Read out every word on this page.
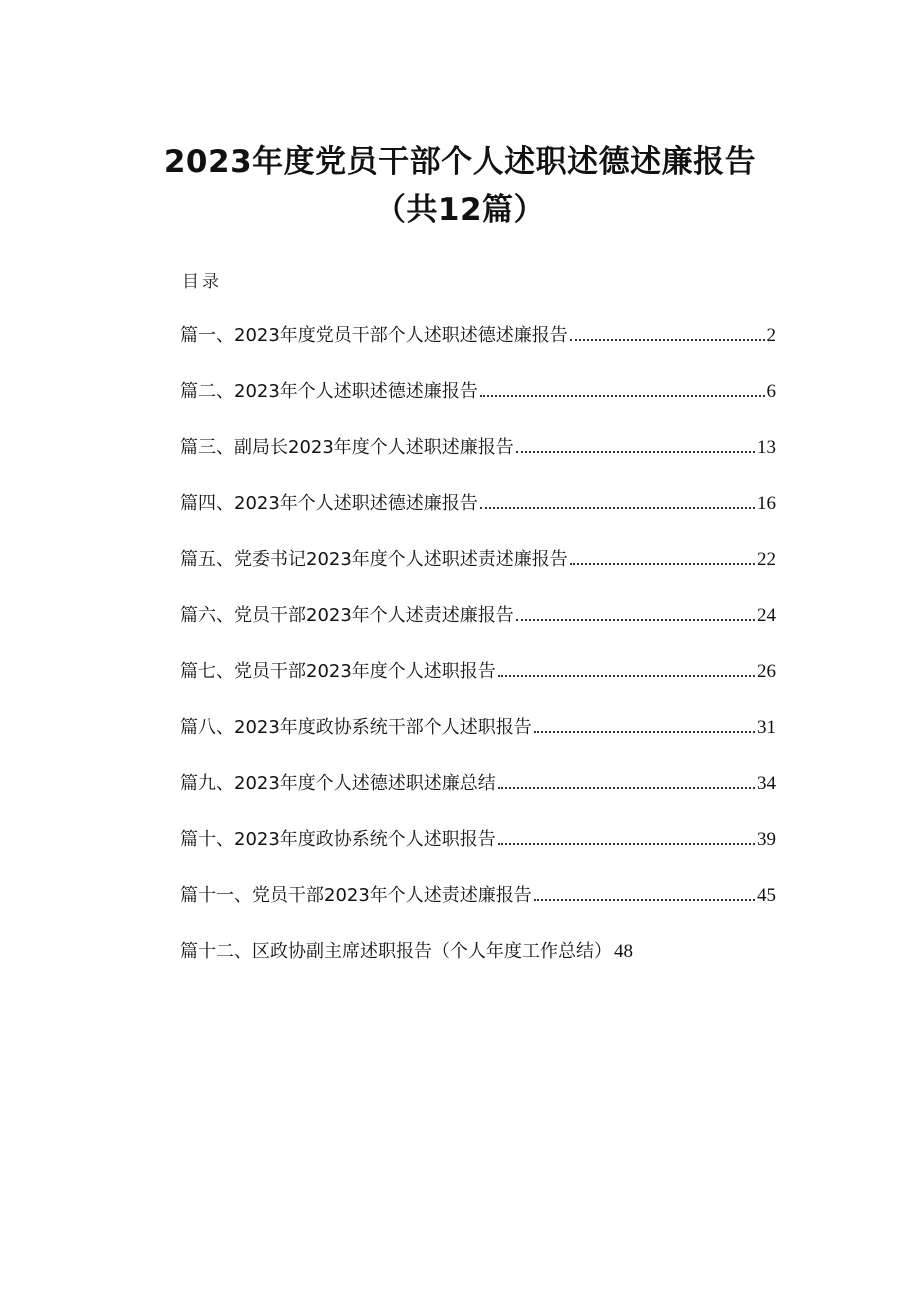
2023年度党员干部个人述职述德述廉报告
（共12篇）
目录
篇一、2023年度党员干部个人述职述德述廉报告	2
篇二、2023年个人述职述德述廉报告	6
篇三、副局长2023年度个人述职述廉报告	13
篇四、2023年个人述职述德述廉报告	16
篇五、党委书记2023年度个人述职述责述廉报告	22
篇六、党员干部2023年个人述责述廉报告	24
篇七、党员干部2023年度个人述职报告	26
篇八、2023年度政协系统干部个人述职报告	31
篇九、2023年度个人述德述职述廉总结	34
篇十、2023年度政协系统个人述职报告	39
篇十一、党员干部2023年个人述责述廉报告	45
篇十二、区政协副主席述职报告（个人年度工作总结） 48
